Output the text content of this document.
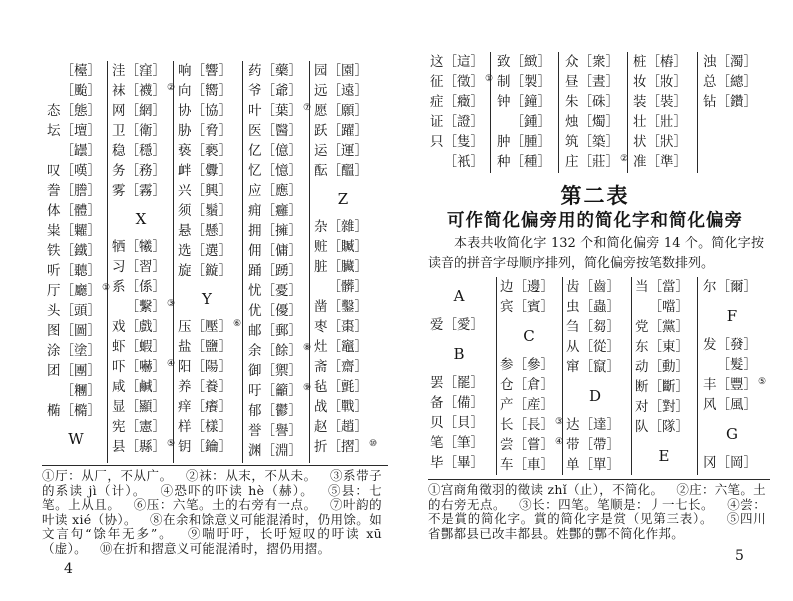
［檯］
［颱］
态［態］
坛［壇］
［罎］
叹［嘆］
誊［謄］
体［體］
粜［糶］
铁［鐵］
听［聽］
厅［廳］①
头［頭］
图［圖］
涂［塗］
团［團］
［糰］
椭［橢］
W
洼［窪］
袜［襪］②
网［網］
卫［衛］
稳［穩］
务［務］
雾［霧］
X
牺［犧］
习［習］
系［係］
［繫］③
戏［戲］
虾［蝦］
吓［嚇］④
咸［鹹］
显［顯］
宪［憲］
县［縣］⑤
响［響］
向［嚮］
协［協］
胁［脅］
亵［褻］
衅［釁］
兴［興］
须［鬚］
悬［懸］
选［選］
旋［鏇］
Y
压［壓］⑥
盐［鹽］
阳［陽］
养［養］
痒［癢］
样［樣］
钥［鑰］
药［藥］
爷［爺］
叶［葉］⑦
医［醫］
亿［億］
忆［憶］
应［應］
痈［癰］
拥［擁］
佣［傭］
踊［踴］
忧［憂］
优［優］
邮［郵］
余［餘］⑧
御［禦］
吁［籲］⑨
郁［鬱］
誉［譽］
渊［淵］
园［園］
远［遠］
愿［願］
跃［躍］
运［運］
酝［醞］
Z
杂［雜］
赃［贓］
脏［臟］
［髒］
凿［鑿］
枣［棗］
灶［竈］
斋［齋］
毡［氈］
战［戰］
赵［趙］
折［摺］⑩

①厅：从厂，不从广。 ②袜：从末，不从未。 ③系带子的系读 jì（计）。 ④恐吓的吓读 hè（赫）。 ⑤县：七笔。上从且。 ⑥压：六笔。土的右旁有一点。 ⑦叶韵的叶读 xié（协）。 ⑧在余和馀意义可能混淆时，仍用馀。如文言句“馀年无多”。 ⑨喘吁吁，长吁短叹的吁读 xū（虚）。 ⑩在折和摺意义可能混淆时，摺仍用摺。

4
这［這］
征［徵］①
症［癥］
证［證］
只［隻］
［衹］
致［緻］
制［製］
钟［鐘］
［鍾］
肿［腫］
种［種］
众［衆］
昼［晝］
朱［硃］
烛［燭］
筑［築］
庄［莊］②
桩［樁］
妆［妝］
装［裝］
壮［壯］
状［狀］
准［準］
浊［濁］
总［總］
钻［鑽］
第二表
可作简化偏旁用的简化字和简化偏旁

本表共收简化字 132 个和简化偏旁 14 个。简化字按读音的拼音字母顺序排列，简化偏旁按笔数排列。

A
爱［愛］
B
罢［罷］
备［備］
贝［貝］
笔［筆］
毕［畢］
边［邊］
宾［賓］
C
参［參］
仓［倉］
产［産］
长［長］③
尝［嘗］④
车［車］
齿［齒］
虫［蟲］
刍［芻］
从［從］
窜［竄］
D
达［達］
带［帶］
单［單］
当［當］
［噹］
党［黨］
东［東］
动［動］
断［斷］
对［對］
队［隊］
E
尔［爾］
F
发［發］
［髮］
丰［豐］⑤
风［風］
G
冈［岡］

①宫商角徵羽的徵读 zhǐ（止），不简化。 ②庄：六笔。土的右旁无点。 ③长：四笔。笔顺是：丿一七长。 ④尝：不是賞的简化字。賞的简化字是赏（见第三表）。 ⑤四川省酆都县已改丰都县。姓酆的酆不简化作邦。

5
